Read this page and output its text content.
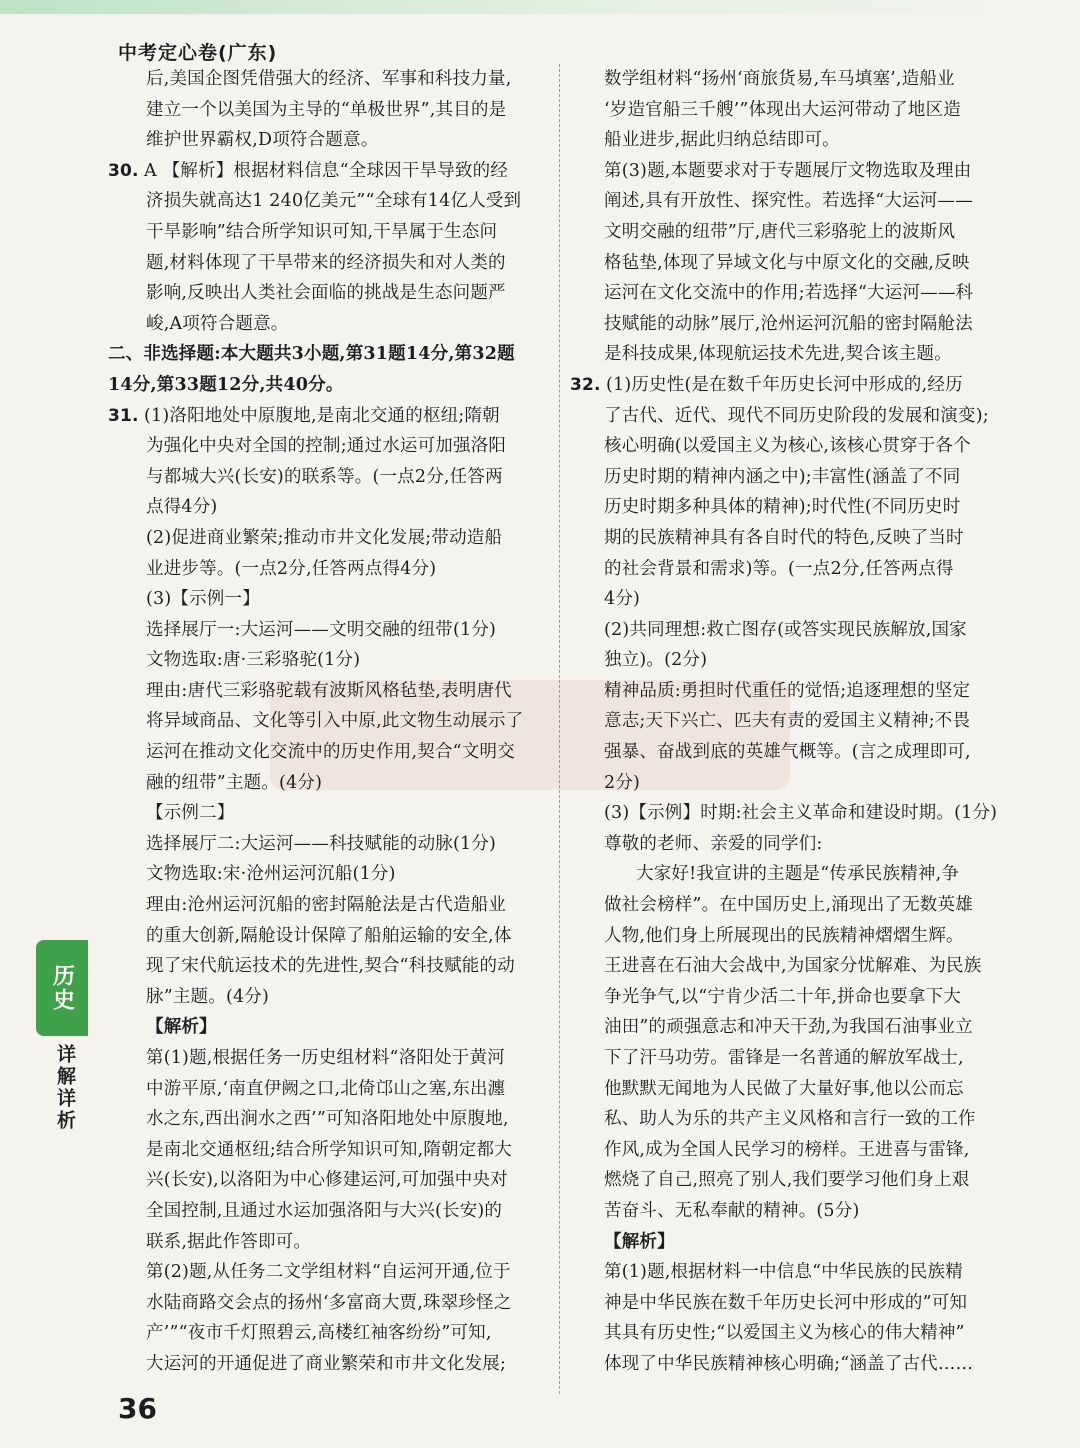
中考定心卷(广东)
后,美国企图凭借强大的经济、军事和科技力量,
建立一个以美国为主导的“单极世界”,其目的是
维护世界霸权,D项符合题意。
30. A 【解析】根据材料信息“全球因干旱导致的经
济损失就高达1 240亿美元”“全球有14亿人受到
干旱影响”结合所学知识可知,干旱属于生态问
题,材料体现了干旱带来的经济损失和对人类的
影响,反映出人类社会面临的挑战是生态问题严
峻,A项符合题意。
二、非选择题:本大题共3小题,第31题14分,第32题
14分,第33题12分,共40分。
31. (1)洛阳地处中原腹地,是南北交通的枢纽;隋朝
为强化中央对全国的控制;通过水运可加强洛阳
与都城大兴(长安)的联系等。(一点2分,任答两
点得4分)
(2)促进商业繁荣;推动市井文化发展;带动造船
业进步等。(一点2分,任答两点得4分)
(3)【示例一】
选择展厅一:大运河——文明交融的纽带(1分)
文物选取:唐·三彩骆驼(1分)
理由:唐代三彩骆驼载有波斯风格毡垫,表明唐代
将异域商品、文化等引入中原,此文物生动展示了
运河在推动文化交流中的历史作用,契合“文明交
融的纽带”主题。(4分)
【示例二】
选择展厅二:大运河——科技赋能的动脉(1分)
文物选取:宋·沧州运河沉船(1分)
理由:沧州运河沉船的密封隔舱法是古代造船业
的重大创新,隔舱设计保障了船舶运输的安全,体
现了宋代航运技术的先进性,契合“科技赋能的动
脉”主题。(4分)
【解析】
第(1)题,根据任务一历史组材料“洛阳处于黄河
中游平原,‘南直伊阙之口,北倚邙山之塞,东出瀍
水之东,西出涧水之西’”可知洛阳地处中原腹地,
是南北交通枢纽;结合所学知识可知,隋朝定都大
兴(长安),以洛阳为中心修建运河,可加强中央对
全国控制,且通过水运加强洛阳与大兴(长安)的
联系,据此作答即可。
第(2)题,从任务二文学组材料“自运河开通,位于
水陆商路交会点的扬州‘多富商大贾,珠翠珍怪之
产’”“夜市千灯照碧云,高楼红袖客纷纷”可知,
大运河的开通促进了商业繁荣和市井文化发展;
数学组材料“扬州‘商旅货易,车马填塞’,造船业
‘岁造官船三千艘’”体现出大运河带动了地区造
船业进步,据此归纳总结即可。
第(3)题,本题要求对于专题展厅文物选取及理由
阐述,具有开放性、探究性。若选择“大运河——
文明交融的纽带”厅,唐代三彩骆驼上的波斯风
格毡垫,体现了异域文化与中原文化的交融,反映
运河在文化交流中的作用;若选择“大运河——科
技赋能的动脉”展厅,沧州运河沉船的密封隔舱法
是科技成果,体现航运技术先进,契合该主题。
32. (1)历史性(是在数千年历史长河中形成的,经历
了古代、近代、现代不同历史阶段的发展和演变);
核心明确(以爱国主义为核心,该核心贯穿于各个
历史时期的精神内涵之中);丰富性(涵盖了不同
历史时期多种具体的精神);时代性(不同历史时
期的民族精神具有各自时代的特色,反映了当时
的社会背景和需求)等。(一点2分,任答两点得
4分)
(2)共同理想:救亡图存(或答实现民族解放,国家
独立)。(2分)
精神品质:勇担时代重任的觉悟;追逐理想的坚定
意志;天下兴亡、匹夫有责的爱国主义精神;不畏
强暴、奋战到底的英雄气概等。(言之成理即可,
2分)
(3)【示例】时期:社会主义革命和建设时期。(1分)
尊敬的老师、亲爱的同学们:
大家好!我宣讲的主题是“传承民族精神,争
做社会榜样”。在中国历史上,涌现出了无数英雄
人物,他们身上所展现出的民族精神熠熠生辉。
王进喜在石油大会战中,为国家分忧解难、为民族
争光争气,以“宁肯少活二十年,拼命也要拿下大
油田”的顽强意志和冲天干劲,为我国石油事业立
下了汗马功劳。雷锋是一名普通的解放军战士,
他默默无闻地为人民做了大量好事,他以公而忘
私、助人为乐的共产主义风格和言行一致的工作
作风,成为全国人民学习的榜样。王进喜与雷锋,
燃烧了自己,照亮了别人,我们要学习他们身上艰
苦奋斗、无私奉献的精神。(5分)
【解析】
第(1)题,根据材料一中信息“中华民族的民族精
神是中华民族在数千年历史长河中形成的”可知
其具有历史性;“以爱国主义为核心的伟大精神”
体现了中华民族精神核心明确;“涵盖了古代……
历史
详解详析
36
